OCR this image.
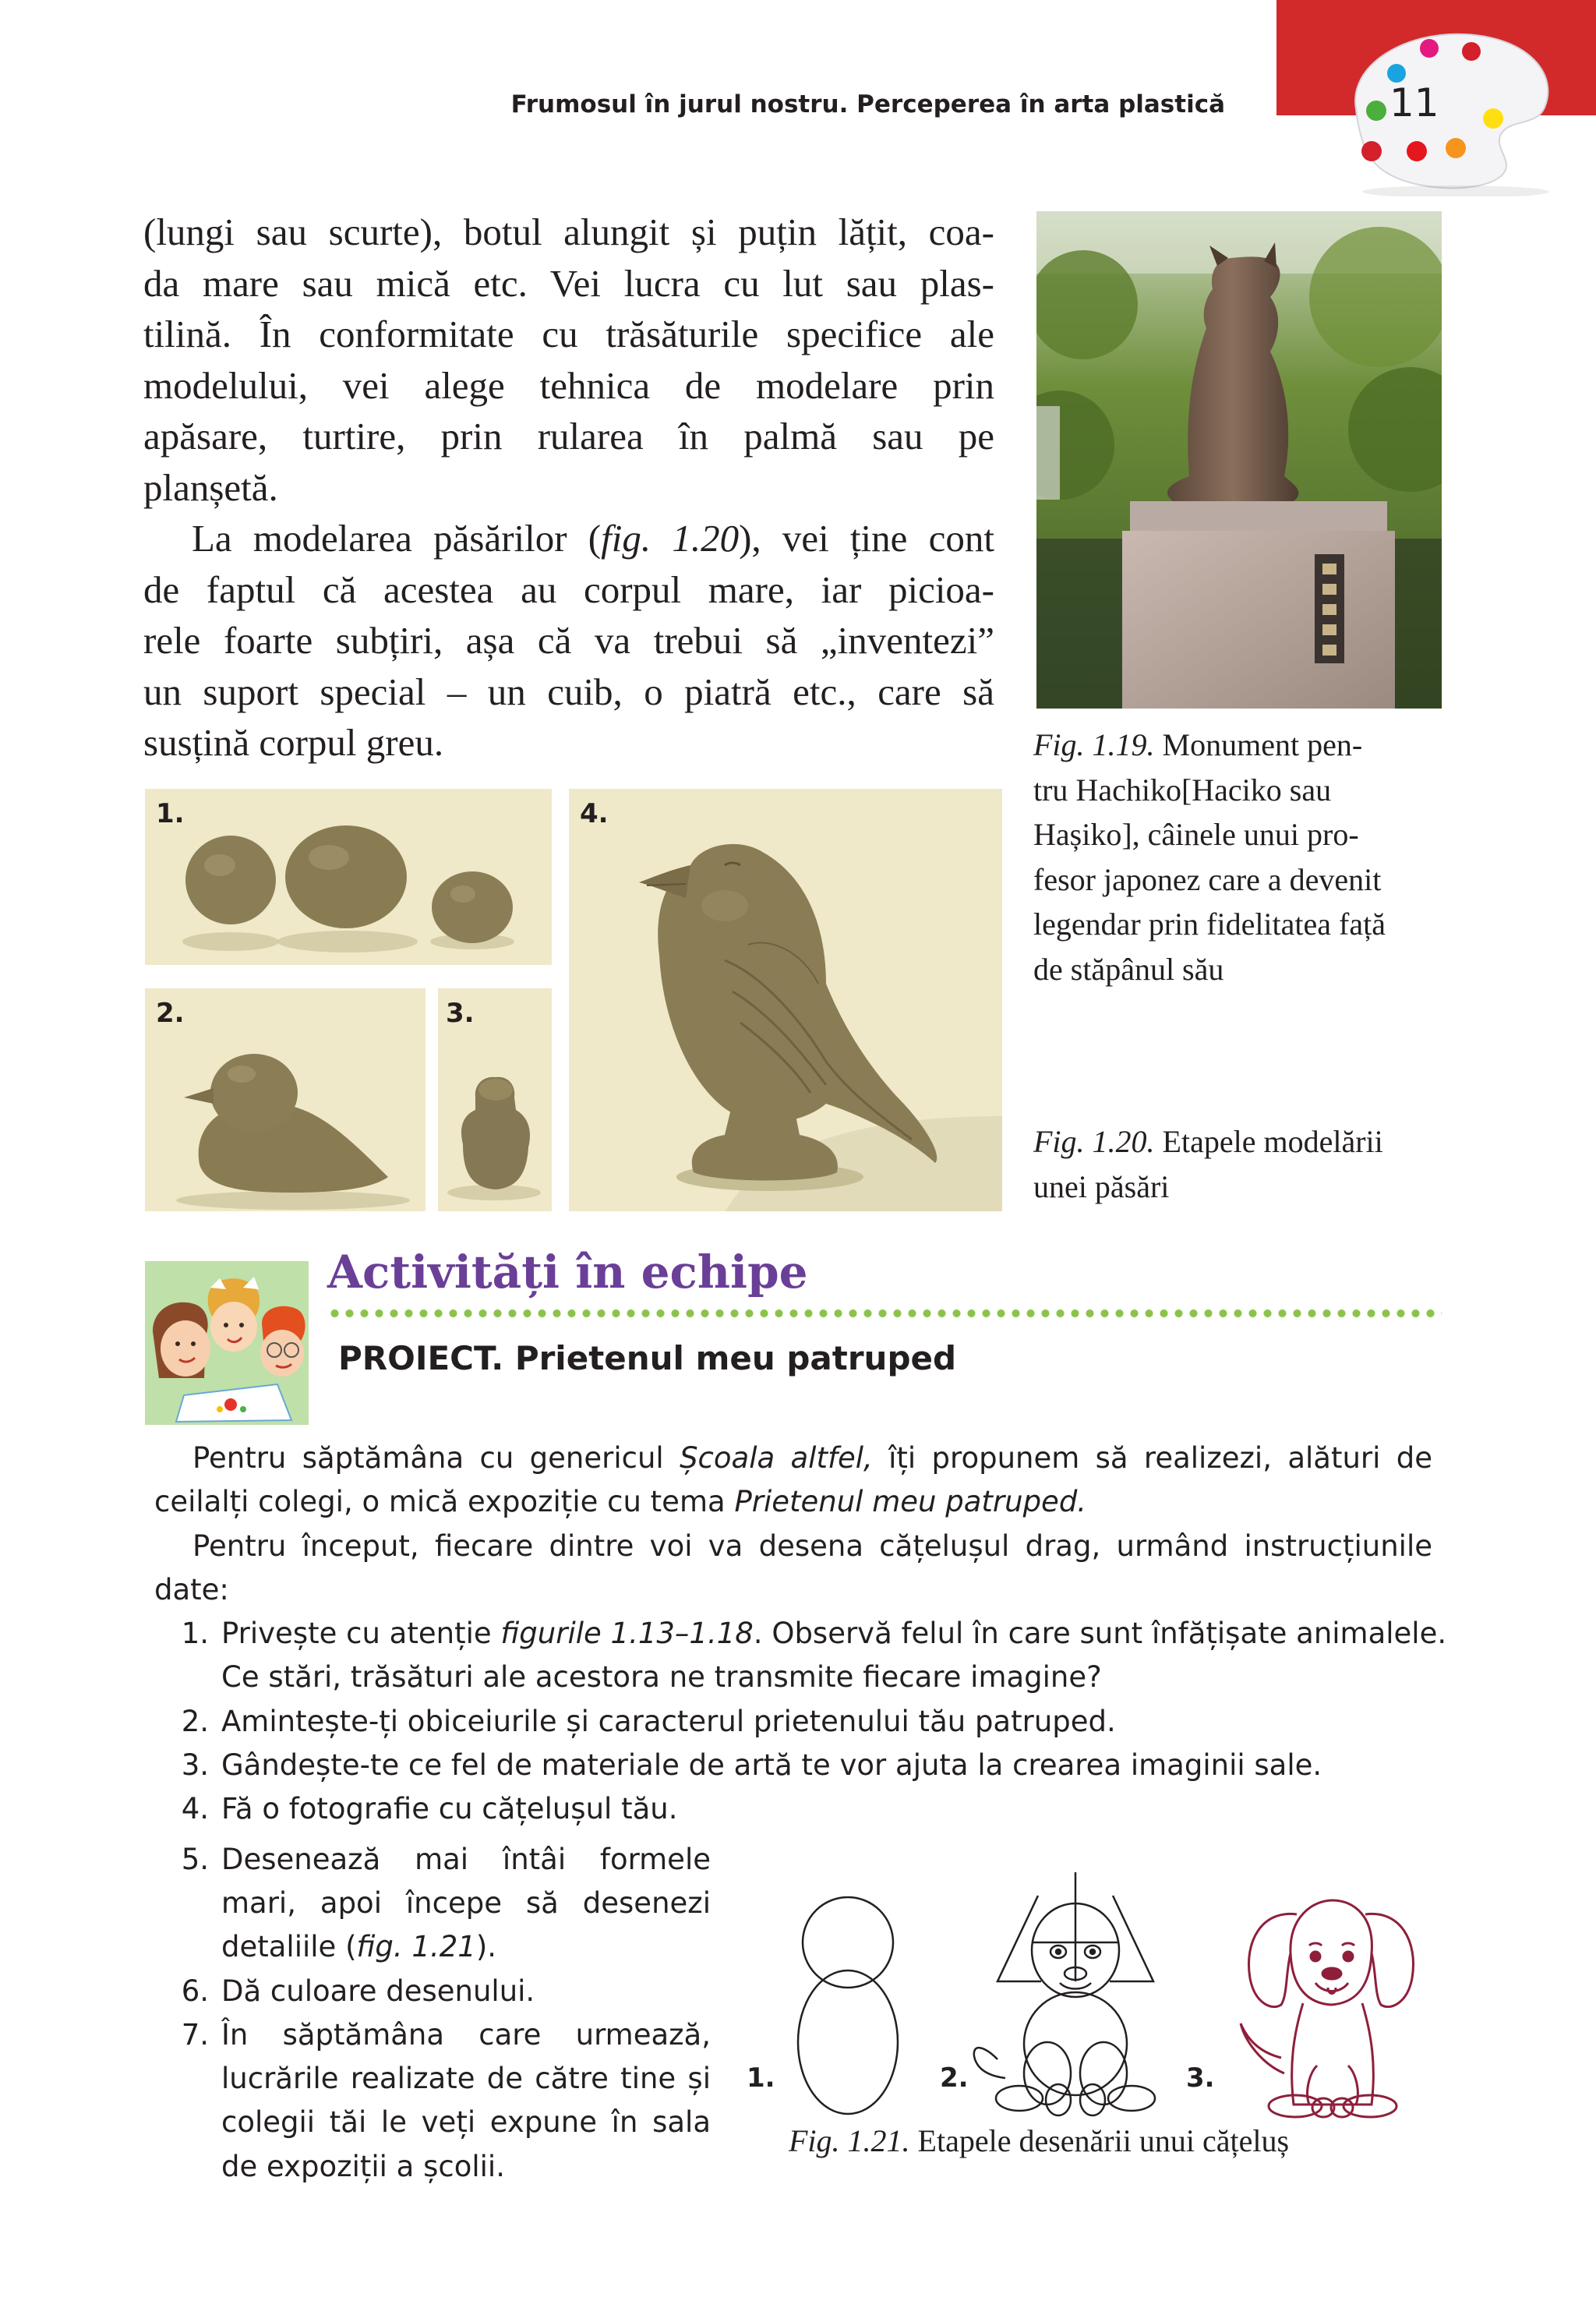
11
Frumosul în jurul nostru. Perceperea în arta plastică
(lungi sau scurte), botul alungit și puțin lățit, coa-
da mare sau mică etc. Vei lucra cu lut sau plas-
tilină. În conformitate cu trăsăturile specifice ale
modelului, vei alege tehnica de modelare prin
apăsare, turtire, prin rularea în palmă sau pe
planșetă.
La modelarea păsărilor (fig. 1.20), vei ține cont
de faptul că acestea au corpul mare, iar picioa-
rele foarte subțiri, așa că va trebui să „inventezi”
un suport special – un cuib, o piatră etc., care să
susțină corpul greu.	Fig. 1.19. Monument pen-
tru Hachiko[Haciko sau
Hașiko], câinele unui pro-
fesor japonez care a devenit
legendar prin fidelitatea față
de stăpânul său
1.
2.	3.
4.
Fig. 1.20. Etapele modelării
unei păsări
Activități în echipe
PROIECT. Prietenul meu patruped
Pentru săptămâna cu genericul Școala altfel, îți propunem să realizezi, alături de
ceilalți colegi, o mică expoziție cu tema Prietenul meu patruped.
Pentru început, fiecare dintre voi va desena cățelușul drag, urmând instrucțiunile
date:
1. Privește cu atenție figurile 1.13–1.18. Observă felul în care sunt înfățișate animalele.
Ce stări, trăsături ale acestora ne transmite fiecare imagine?
2. Amintește-ți obiceiurile și caracterul prietenului tău patruped.
3. Gândește-te ce fel de materiale de artă te vor ajuta la crearea imaginii sale.
4. Fă o fotografie cu cățelușul tău.
5. Desenează mai întâi formele
mari, apoi începe să desenezi
detaliile (fig. 1.21).
6. Dă culoare desenului.
7. În săptămâna care urmează,
lucrările realizate de către tine și
colegii tăi le veți expune în sala
de expoziții a școlii.
1.	2.	3.
Fig. 1.21. Etapele desenării unui cățeluș
